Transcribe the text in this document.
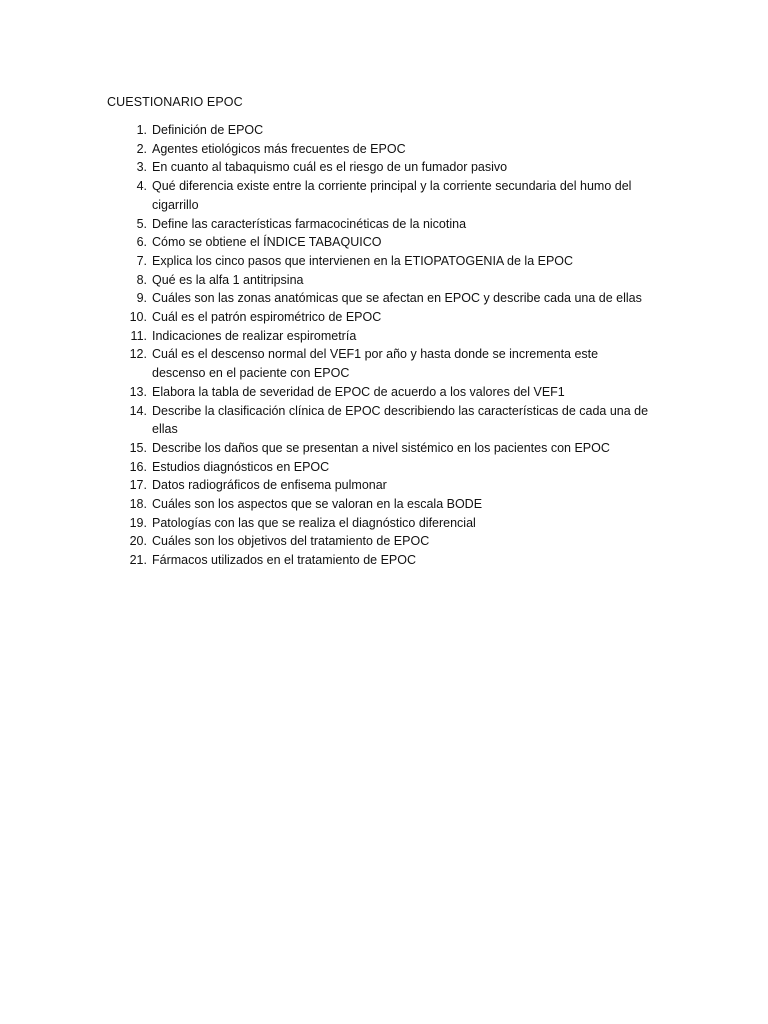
CUESTIONARIO EPOC
1. Definición de EPOC
2. Agentes etiológicos más frecuentes de EPOC
3. En cuanto al tabaquismo cuál es el riesgo de un fumador pasivo
4. Qué diferencia existe entre la corriente principal y la corriente secundaria del humo del cigarrillo
5. Define las características farmacocinéticas de la nicotina
6. Cómo se obtiene el ÍNDICE TABAQUICO
7. Explica los cinco pasos que intervienen en la ETIOPATOGENIA de la EPOC
8. Qué es la alfa 1 antitripsina
9. Cuáles son las zonas anatómicas que se afectan en EPOC y describe cada una de ellas
10. Cuál es el patrón espirométrico de EPOC
11. Indicaciones de realizar espirometría
12. Cuál es el descenso normal del VEF1 por año y hasta donde se incrementa este descenso en el paciente con EPOC
13. Elabora la tabla de severidad de EPOC de acuerdo a los valores del VEF1
14. Describe la clasificación clínica de EPOC describiendo las características de cada una de ellas
15. Describe los daños que se presentan a nivel sistémico en los pacientes con EPOC
16. Estudios diagnósticos en EPOC
17. Datos radiográficos de enfisema pulmonar
18. Cuáles son los aspectos que se valoran en la escala BODE
19. Patologías con las que se realiza el diagnóstico diferencial
20. Cuáles son los objetivos del tratamiento de EPOC
21. Fármacos utilizados en el tratamiento de EPOC
